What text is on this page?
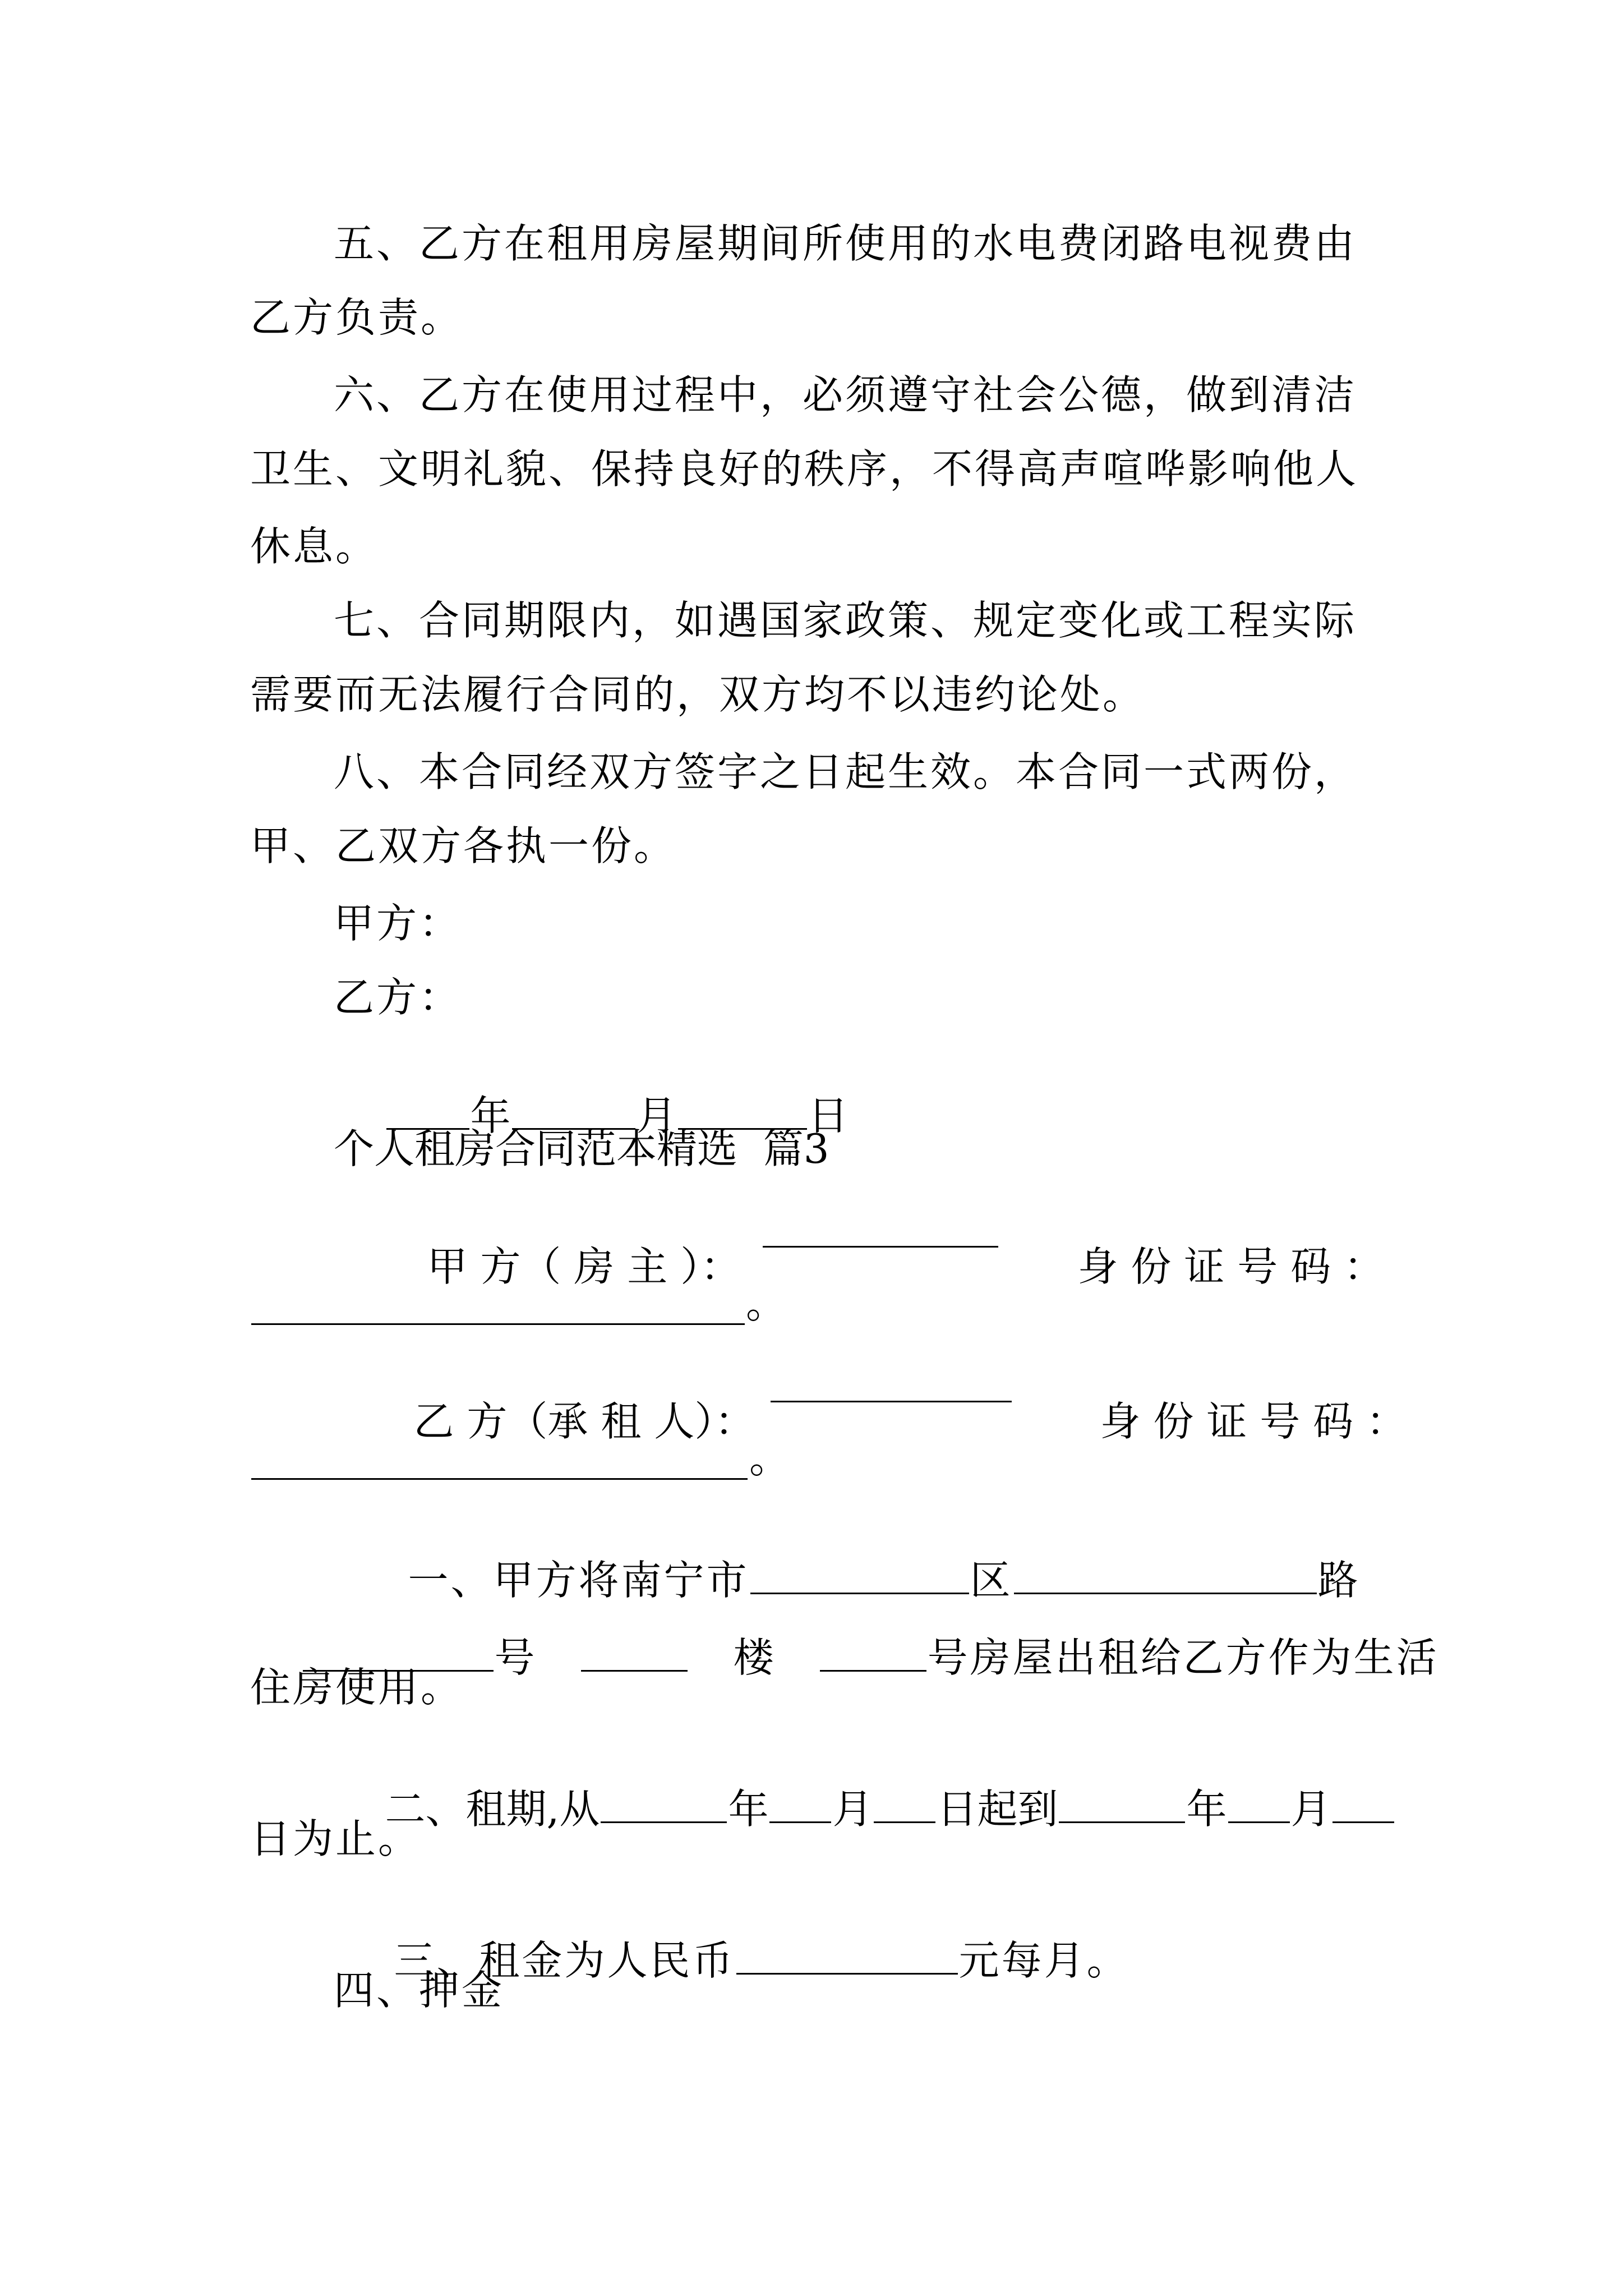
五、乙方在租用房屋期间所使用的水电费闭路电视费由

乙方负责。

六、乙方在使用过程中，必须遵守社会公德，做到清洁

卫生、文明礼貌、保持良好的秩序，不得高声喧哗影响他人

休息。

七、合同期限内，如遇国家政策、规定变化或工程实际

需要而无法履行合同的，双方均不以违约论处。

八、本合同经双方签字之日起生效。本合同一式两份，

甲、乙双方各执一份。

甲方：

乙方：

年	月	日

个人租房合同范本精选  篇3

甲 方（ 房 主 ）：
	身 份 证 号 码 ：

。

乙 方（承 租 人）：
	身 份 证 号 码 ：

。

一、甲方将南宁市	区	路

号	楼	号房屋出租给乙方作为生活

住房使用。

二、租期,从	年 月 日起到	年 月

日为止。

三、租金为人民币	元每月。

四、押金
